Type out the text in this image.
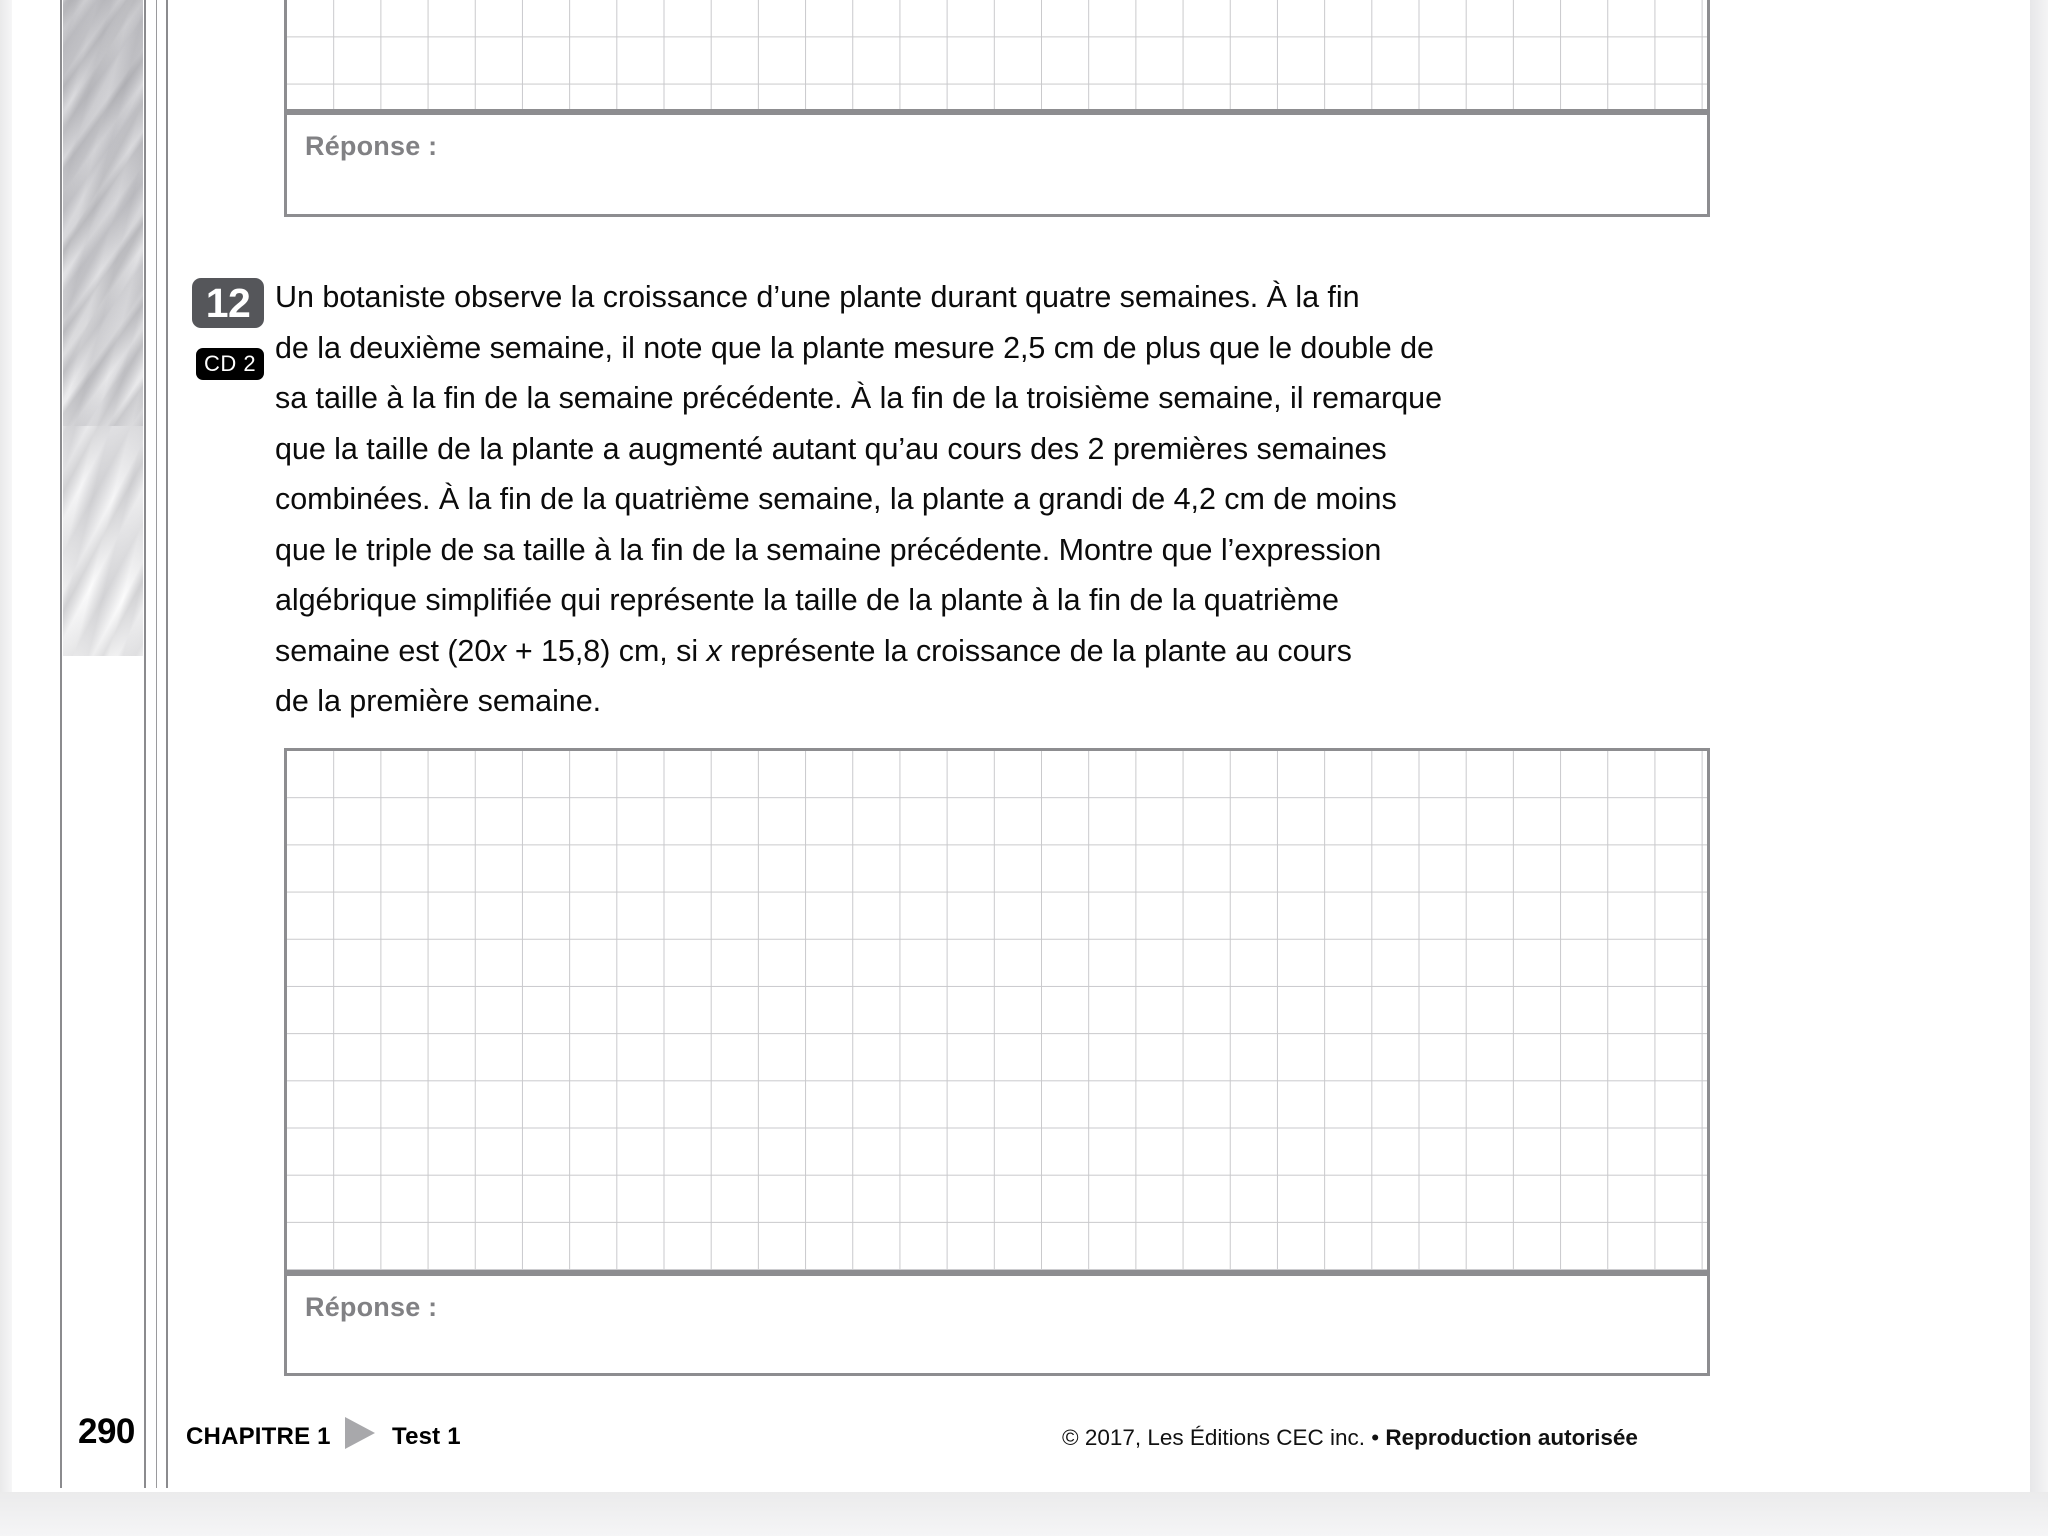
Réponse :
12
CD 2
Un botaniste observe la croissance d’une plante durant quatre semaines. À la fin
de la deuxième semaine, il note que la plante mesure 2,5 cm de plus que le double de
sa taille à la fin de la semaine précédente. À la fin de la troisième semaine, il remarque
que la taille de la plante a augmenté autant qu’au cours des 2 premières semaines
combinées. À la fin de la quatrième semaine, la plante a grandi de 4,2 cm de moins
que le triple de sa taille à la fin de la semaine précédente. Montre que l’expression
algébrique simplifiée qui représente la taille de la plante à la fin de la quatrième
semaine est (20x + 15,8) cm, si x représente la croissance de la plante au cours
de la première semaine.
Réponse :
290 CHAPITRE 1	Test 1	© 2017, Les Éditions CEC inc. • Reproduction autorisée
